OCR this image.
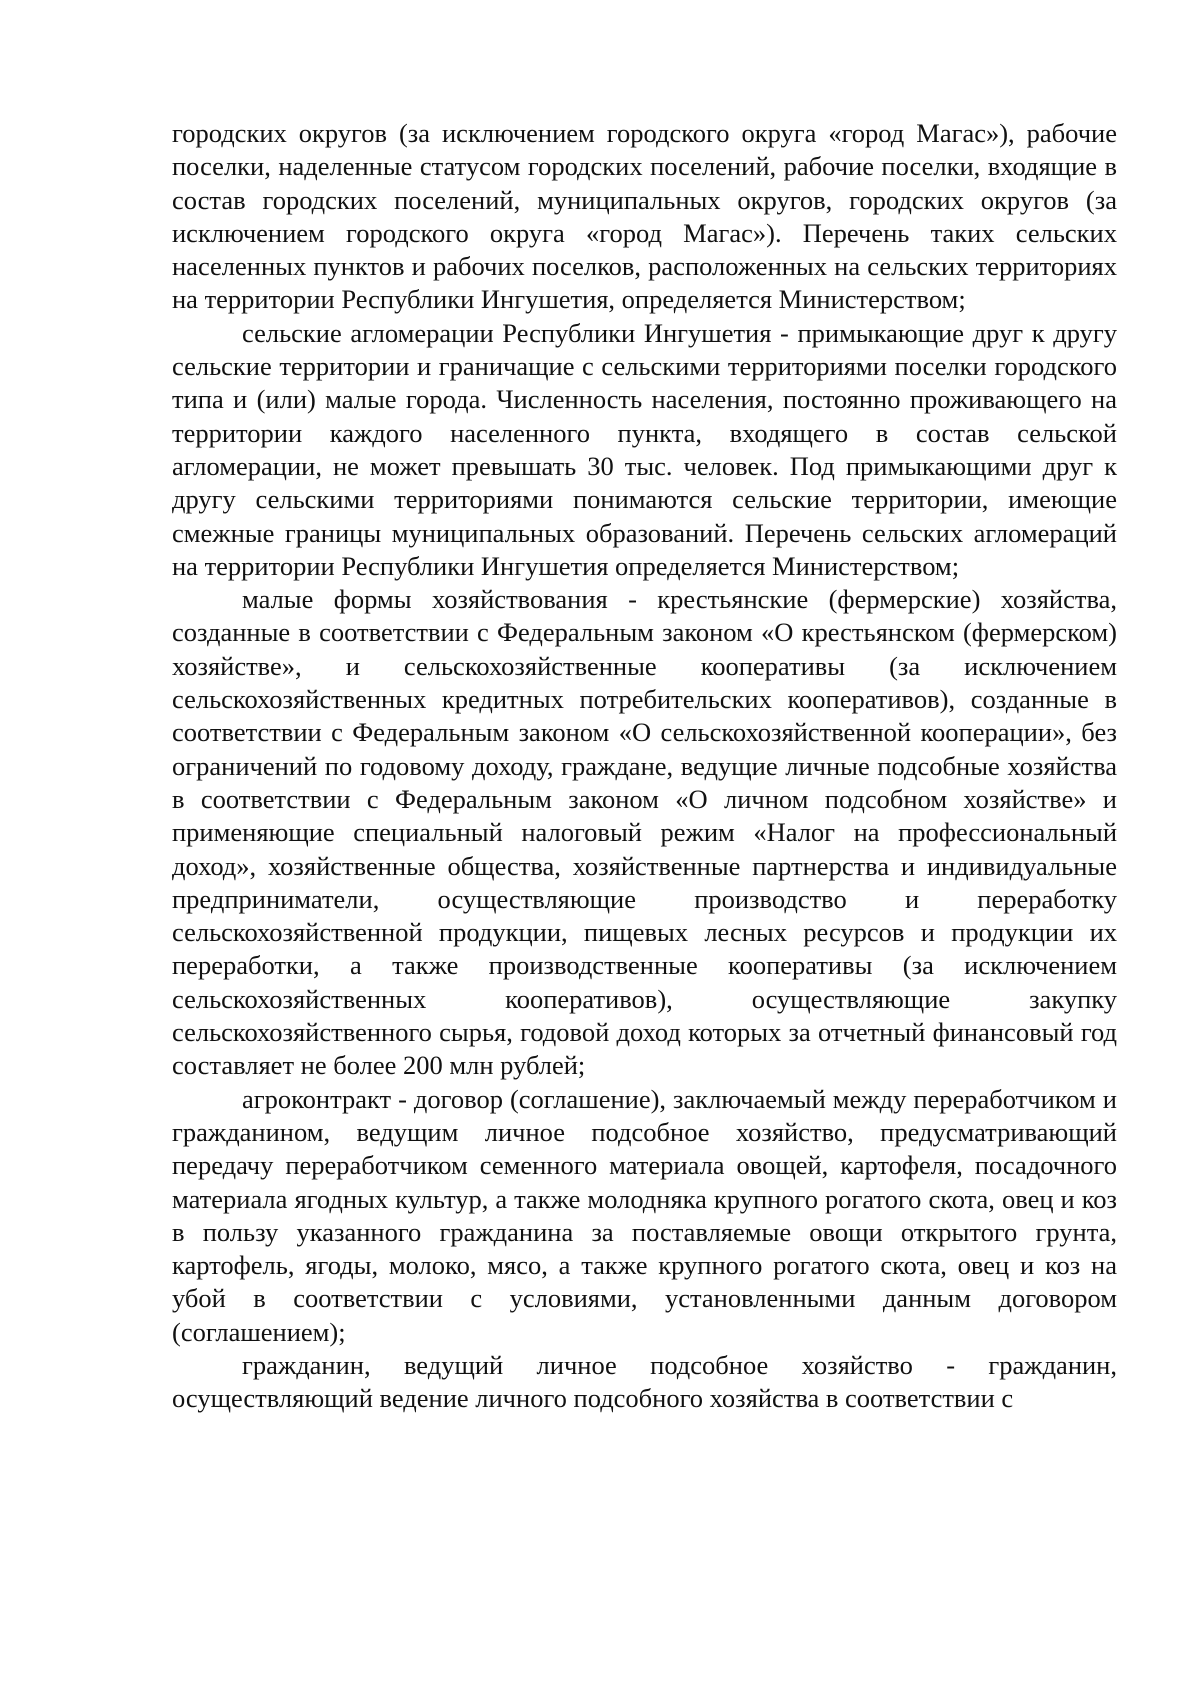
городских округов (за исключением городского округа «город Магас»), рабочие поселки, наделенные статусом городских поселений, рабочие поселки, входящие в состав городских поселений, муниципальных округов, городских округов (за исключением городского округа «город Магас»). Перечень таких сельских населенных пунктов и рабочих поселков, расположенных на сельских территориях на территории Республики Ингушетия, определяется Министерством;

сельские агломерации Республики Ингушетия - примыкающие друг к другу сельские территории и граничащие с сельскими территориями поселки городского типа и (или) малые города. Численность населения, постоянно проживающего на территории каждого населенного пункта, входящего в состав сельской агломерации, не может превышать 30 тыс. человек. Под примыкающими друг к другу сельскими территориями понимаются сельские территории, имеющие смежные границы муниципальных образований. Перечень сельских агломераций на территории Республики Ингушетия определяется Министерством;

малые формы хозяйствования - крестьянские (фермерские) хозяйства, созданные в соответствии с Федеральным законом «О крестьянском (фермерском) хозяйстве», и сельскохозяйственные кооперативы (за исключением сельскохозяйственных кредитных потребительских кооперативов), созданные в соответствии с Федеральным законом «О сельскохозяйственной кооперации», без ограничений по годовому доходу, граждане, ведущие личные подсобные хозяйства в соответствии с Федеральным законом «О личном подсобном хозяйстве» и применяющие специальный налоговый режим «Налог на профессиональный доход», хозяйственные общества, хозяйственные партнерства и индивидуальные предприниматели, осуществляющие производство и переработку сельскохозяйственной продукции, пищевых лесных ресурсов и продукции их переработки, а также производственные кооперативы (за исключением сельскохозяйственных кооперативов), осуществляющие закупку сельскохозяйственного сырья, годовой доход которых за отчетный финансовый год составляет не более 200 млн рублей;

агроконтракт - договор (соглашение), заключаемый между переработчиком и гражданином, ведущим личное подсобное хозяйство, предусматривающий передачу переработчиком семенного материала овощей, картофеля, посадочного материала ягодных культур, а также молодняка крупного рогатого скота, овец и коз в пользу указанного гражданина за поставляемые овощи открытого грунта, картофель, ягоды, молоко, мясо, а также крупного рогатого скота, овец и коз на убой в соответствии с условиями, установленными данным договором (соглашением);

гражданин, ведущий личное подсобное хозяйство - гражданин, осуществляющий ведение личного подсобного хозяйства в соответствии с
